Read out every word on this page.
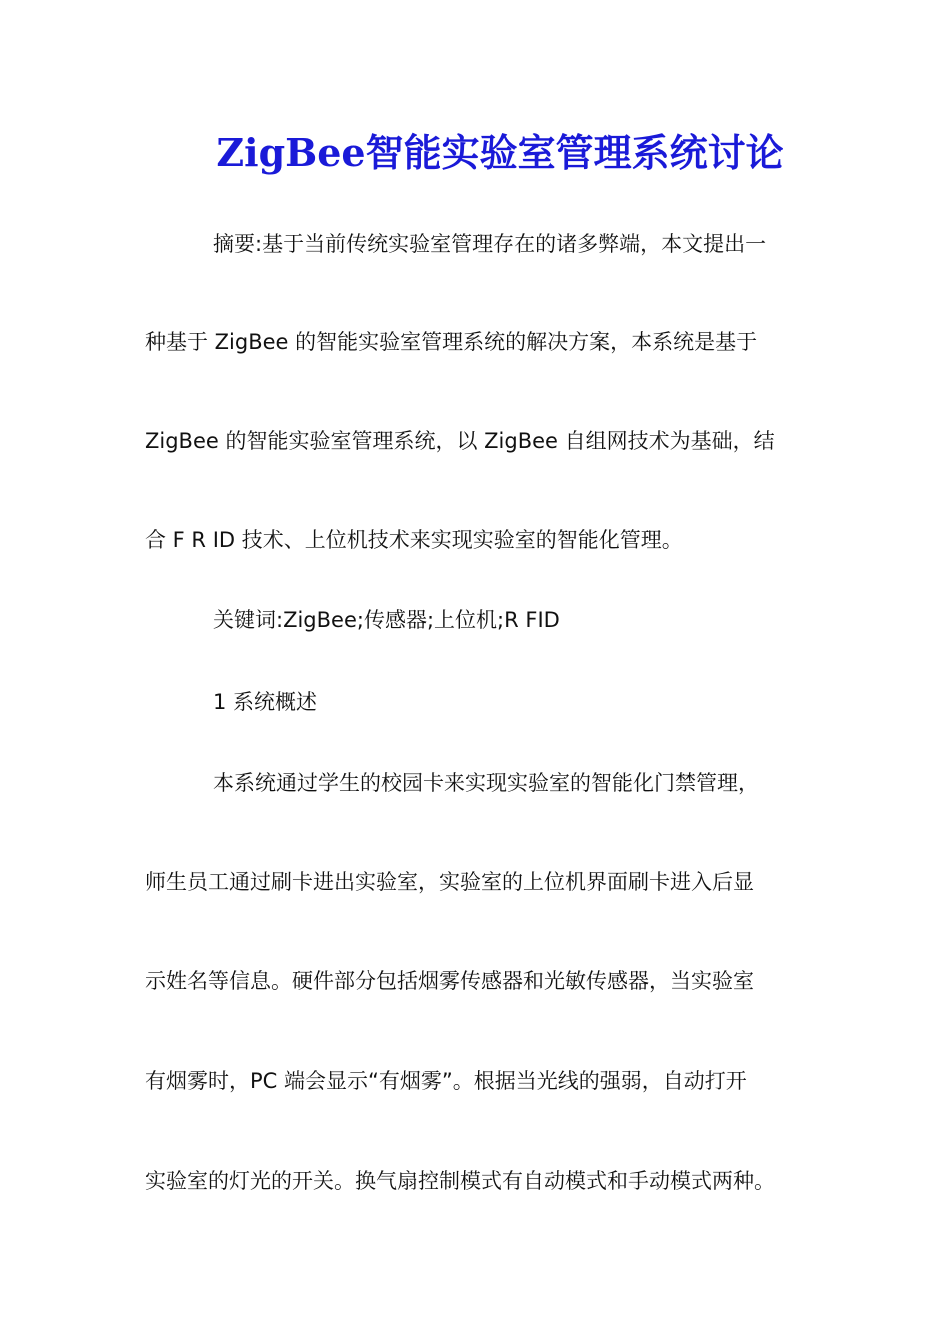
ZigBee智能实验室管理系统讨论
摘要:基于当前传统实验室管理存在的诸多弊端，本文提出一
种基于 ZigBee 的智能实验室管理系统的解决方案，本系统是基于
ZigBee 的智能实验室管理系统，以 ZigBee 自组网技术为基础，结
合 F R ID 技术、上位机技术来实现实验室的智能化管理。
关键词:ZigBee;传感器;上位机;R FID
1 系统概述
本系统通过学生的校园卡来实现实验室的智能化门禁管理，
师生员工通过刷卡进出实验室，实验室的上位机界面刷卡进入后显
示姓名等信息。硬件部分包括烟雾传感器和光敏传感器，当实验室
有烟雾时，PC 端会显示“有烟雾”。根据当光线的强弱，自动打开
实验室的灯光的开关。换气扇控制模式有自动模式和手动模式两种。
